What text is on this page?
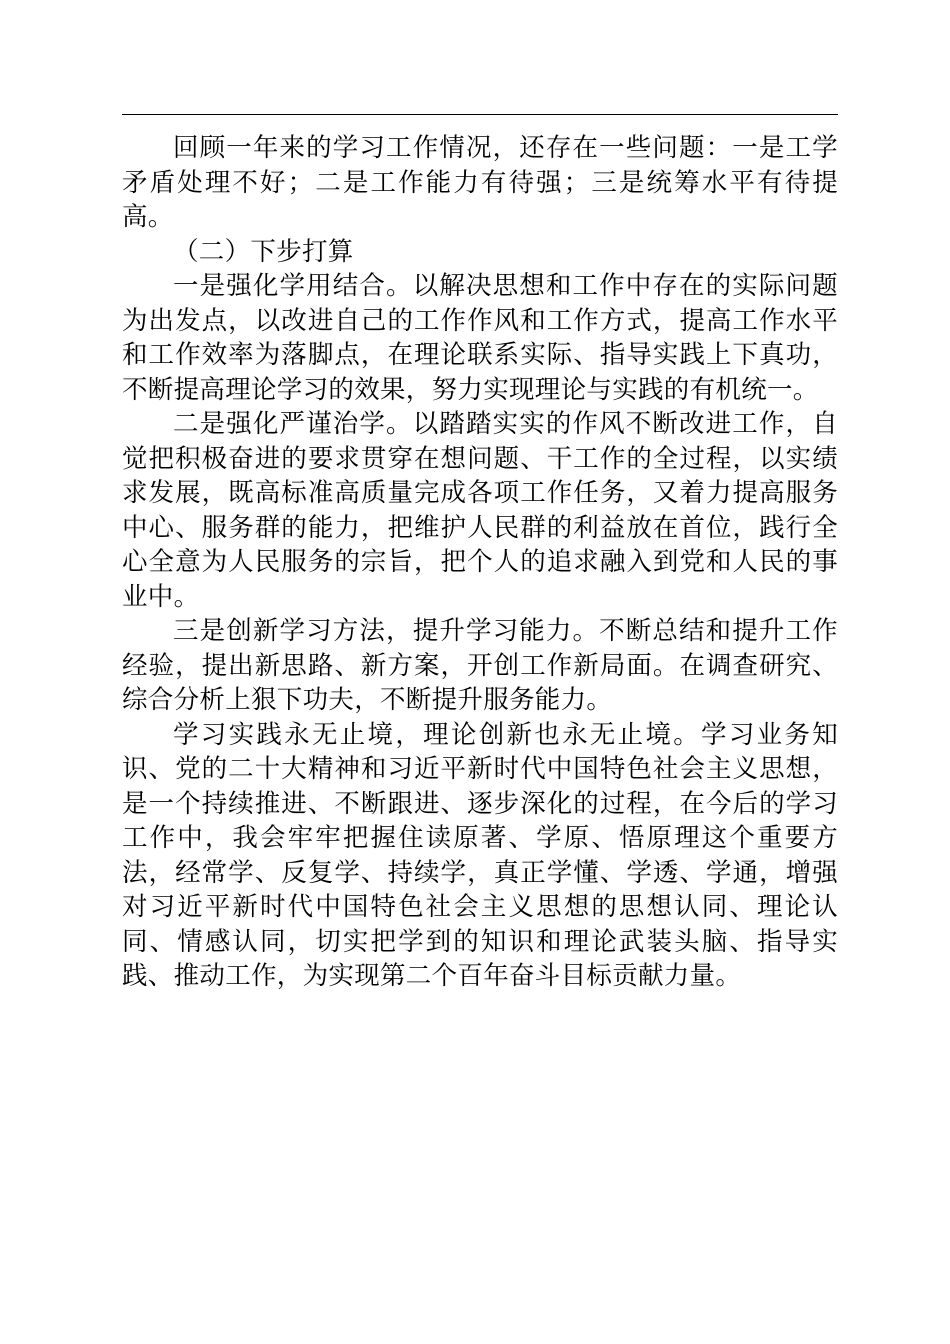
回顾一年来的学习工作情况，还存在一些问题：一是工学矛盾处理不好；二是工作能力有待强；三是统筹水平有待提高。

（二）下步打算

一是强化学用结合。以解决思想和工作中存在的实际问题为出发点，以改进自己的工作作风和工作方式，提高工作水平和工作效率为落脚点，在理论联系实际、指导实践上下真功，不断提高理论学习的效果，努力实现理论与实践的有机统一。

二是强化严谨治学。以踏踏实实的作风不断改进工作，自觉把积极奋进的要求贯穿在想问题、干工作的全过程，以实绩求发展，既高标准高质量完成各项工作任务，又着力提高服务中心、服务群的能力，把维护人民群的利益放在首位，践行全心全意为人民服务的宗旨，把个人的追求融入到党和人民的事业中。

三是创新学习方法，提升学习能力。不断总结和提升工作经验，提出新思路、新方案，开创工作新局面。在调查研究、综合分析上狠下功夫，不断提升服务能力。

学习实践永无止境，理论创新也永无止境。学习业务知识、党的二十大精神和习近平新时代中国特色社会主义思想，是一个持续推进、不断跟进、逐步深化的过程，在今后的学习工作中，我会牢牢把握住读原著、学原、悟原理这个重要方法，经常学、反复学、持续学，真正学懂、学透、学通，增强对习近平新时代中国特色社会主义思想的思想认同、理论认同、情感认同，切实把学到的知识和理论武装头脑、指导实践、推动工作，为实现第二个百年奋斗目标贡献力量。
